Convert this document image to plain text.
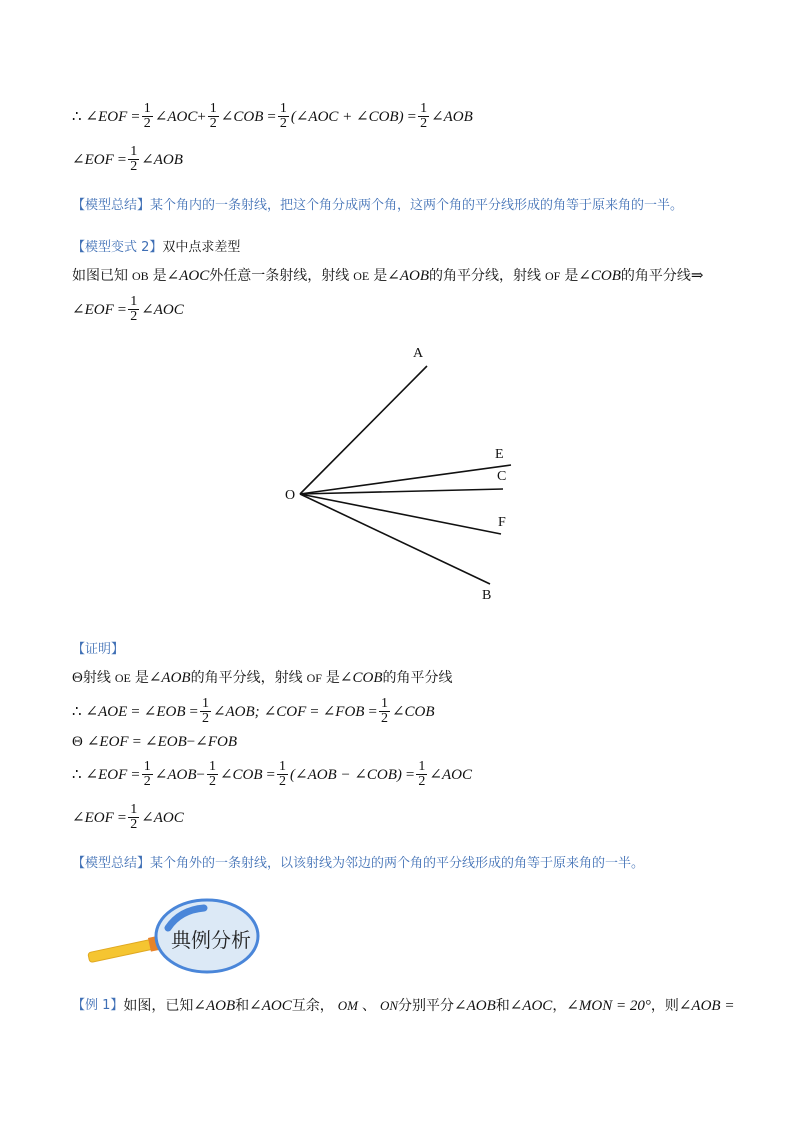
∴ ∠EOF = $\frac{1}{2}$ ∠AOC + $\frac{1}{2}$ ∠COB = $\frac{1}{2}$ (∠AOC + ∠COB) = $\frac{1}{2}$ ∠AOB
∠EOF = $\frac{1}{2}$ ∠AOB
【模型总结】某个角内的一条射线，把这个角分成两个角，这两个角的平分线形成的角等于原来角的一半。
【模型变式 2】双中点求差型
如图已知 OB 是 ∠AOC 外任意一条射线，射线 OE 是 ∠AOB 的角平分线，射线 OF 是 ∠COB 的角平分线 ⇒
∠EOF = $\frac{1}{2}$ ∠AOC
A
E
C
O
F
B
【证明】
Θ 射线 OE 是 ∠AOB 的角平分线，射线 OF 是 ∠COB 的角平分线
∴ ∠AOE = ∠EOB = $\frac{1}{2}$ ∠AOB; ∠COF = ∠FOB = $\frac{1}{2}$ ∠COB
Θ ∠EOF = ∠EOB − ∠FOB
∴ ∠EOF = $\frac{1}{2}$ ∠AOB − $\frac{1}{2}$ ∠COB = $\frac{1}{2}$ (∠AOB − ∠COB) = $\frac{1}{2}$ ∠AOC
∠EOF = $\frac{1}{2}$ ∠AOC
【模型总结】某个角外的一条射线，以该射线为邻边的两个角的平分线形成的角等于原来角的一半。
典例分析
【例 1】 如图，已知 ∠AOB 和 ∠AOC 互余， OM 、 ON 分别平分 ∠AOB 和 ∠AOC ， ∠MON = 20° ，则 ∠AOB =
